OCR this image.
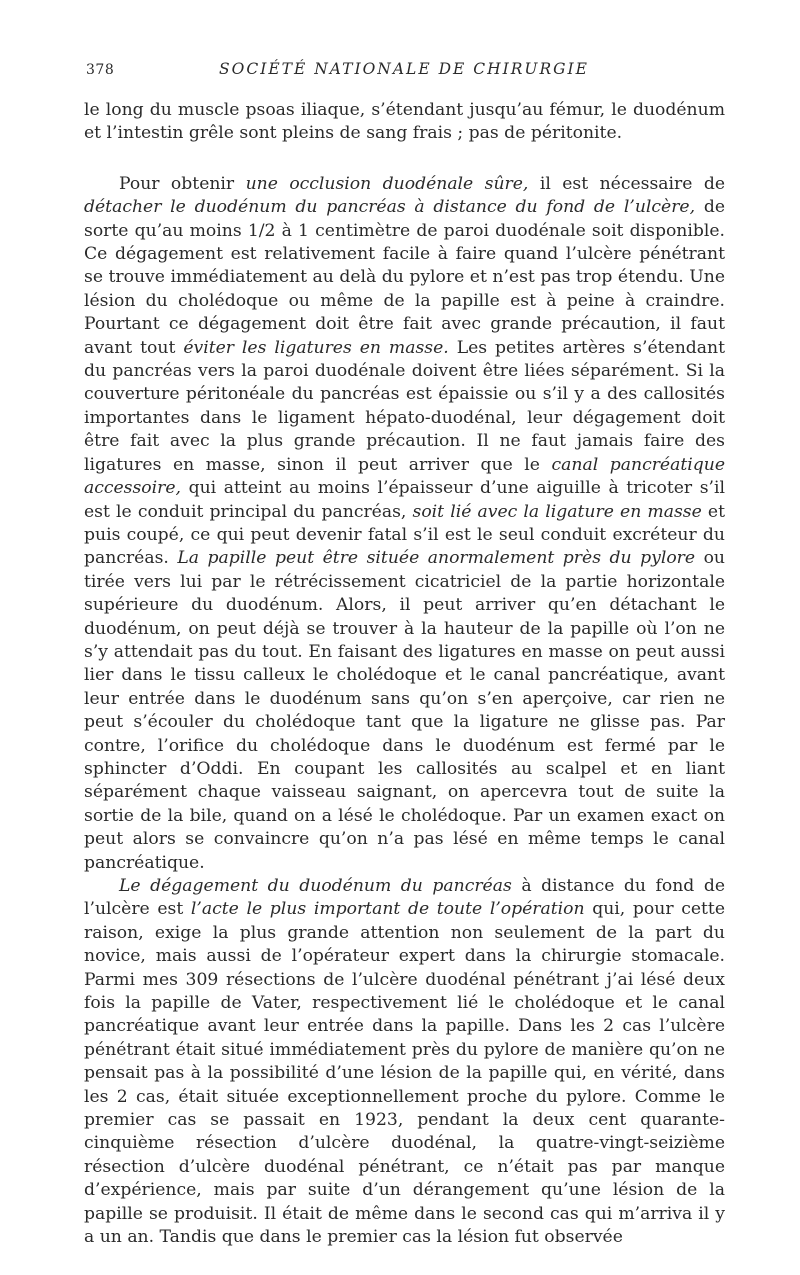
378	SOCIÉTÉ NATIONALE DE CHIRURGIE

le long du muscle psoas iliaque, s’étendant jusqu’au fémur, le duodénum et l’intestin grêle sont pleins de sang frais ; pas de péritonite.

Pour obtenir une occlusion duodénale sûre, il est nécessaire de détacher le duodénum du pancréas à distance du fond de l’ulcère, de sorte qu’au moins 1/2 à 1 centimètre de paroi duodénale soit disponible. Ce dégagement est relativement facile à faire quand l’ulcère pénétrant se trouve immédiatement au delà du pylore et n’est pas trop étendu. Une lésion du cholédoque ou même de la papille est à peine à craindre. Pourtant ce dégagement doit être fait avec grande précaution, il faut avant tout éviter les ligatures en masse. Les petites artères s’étendant du pancréas vers la paroi duodénale doivent être liées séparément. Si la couverture péritonéale du pancréas est épaissie ou s’il y a des callosités importantes dans le ligament hépato-duodénal, leur dégagement doit être fait avec la plus grande précaution. Il ne faut jamais faire des ligatures en masse, sinon il peut arriver que le canal pancréatique accessoire, qui atteint au moins l’épaisseur d’une aiguille à tricoter s’il est le conduit principal du pancréas, soit lié avec la ligature en masse et puis coupé, ce qui peut devenir fatal s’il est le seul conduit excréteur du pancréas. La papille peut être située anormalement près du pylore ou tirée vers lui par le rétrécissement cicatriciel de la partie horizontale supérieure du duodénum. Alors, il peut arriver qu’en détachant le duodénum, on peut déjà se trouver à la hauteur de la papille où l’on ne s’y attendait pas du tout. En faisant des ligatures en masse on peut aussi lier dans le tissu calleux le cholédoque et le canal pancréatique, avant leur entrée dans le duodénum sans qu’on s’en aperçoive, car rien ne peut s’écouler du cholédoque tant que la ligature ne glisse pas. Par contre, l’orifice du cholédoque dans le duodénum est fermé par le sphincter d’Oddi. En coupant les callosités au scalpel et en liant séparément chaque vaisseau saignant, on apercevra tout de suite la sortie de la bile, quand on a lésé le cholédoque. Par un examen exact on peut alors se convaincre qu’on n’a pas lésé en même temps le canal pancréatique.

Le dégagement du duodénum du pancréas à distance du fond de l’ulcère est l’acte le plus important de toute l’opération qui, pour cette raison, exige la plus grande attention non seulement de la part du novice, mais aussi de l’opérateur expert dans la chirurgie stomacale. Parmi mes 309 résections de l’ulcère duodénal pénétrant j’ai lésé deux fois la papille de Vater, respectivement lié le cholédoque et le canal pancréatique avant leur entrée dans la papille. Dans les 2 cas l’ulcère pénétrant était situé immédiatement près du pylore de manière qu’on ne pensait pas à la possibilité d’une lésion de la papille qui, en vérité, dans les 2 cas, était située exceptionnellement proche du pylore. Comme le premier cas se passait en 1923, pendant la deux cent quarante-cinquième résection d’ulcère duodénal, la quatre-vingt-seizième résection d’ulcère duodénal pénétrant, ce n’était pas par manque d’expérience, mais par suite d’un dérangement qu’une lésion de la papille se produisit. Il était de même dans le second cas qui m’arriva il y a un an. Tandis que dans le premier cas la lésion fut observée
